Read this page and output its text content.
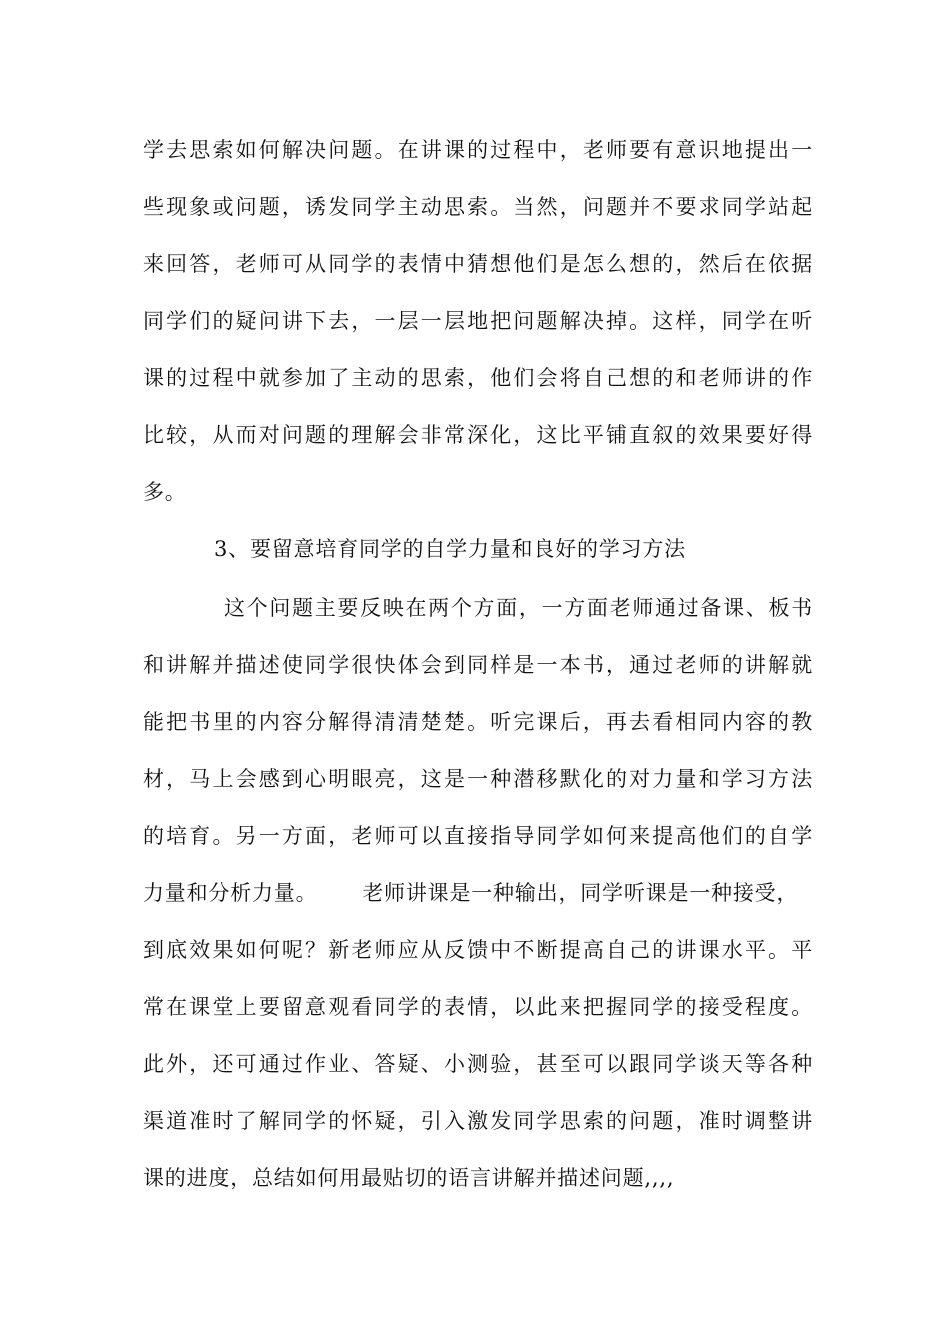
学去思索如何解决问题。在讲课的过程中，老师要有意识地提出一

些现象或问题，诱发同学主动思索。当然，问题并不要求同学站起

来回答，老师可从同学的表情中猜想他们是怎么想的，然后在依据

同学们的疑问讲下去，一层一层地把问题解决掉。这样，同学在听

课的过程中就参加了主动的思索，他们会将自己想的和老师讲的作

比较，从而对问题的理解会非常深化，这比平铺直叙的效果要好得

多。

3、要留意培育同学的自学力量和良好的学习方法

这个问题主要反映在两个方面，一方面老师通过备课、板书

和讲解并描述使同学很快体会到同样是一本书，通过老师的讲解就

能把书里的内容分解得清清楚楚。听完课后，再去看相同内容的教

材，马上会感到心明眼亮，这是一种潜移默化的对力量和学习方法

的培育。另一方面，老师可以直接指导同学如何来提高他们的自学

力量和分析力量。      老师讲课是一种输出，同学听课是一种接受，

到底效果如何呢？新老师应从反馈中不断提高自己的讲课水平。平

常在课堂上要留意观看同学的表情，以此来把握同学的接受程度。

此外，还可通过作业、答疑、小测验，甚至可以跟同学谈天等各种

渠道准时了解同学的怀疑，引入激发同学思索的问题，准时调整讲

课的进度，总结如何用最贴切的语言讲解并描述问题,,,,
